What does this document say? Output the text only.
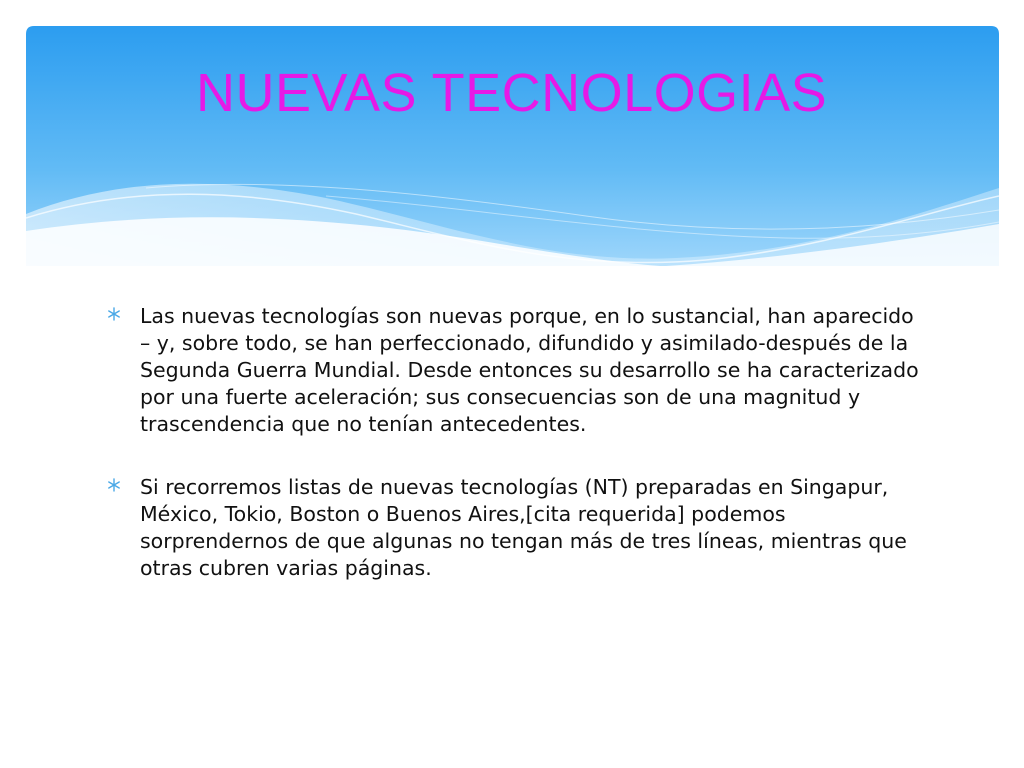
NUEVAS TECNOLOGIAS
Las nuevas tecnologías son nuevas porque, en lo sustancial, han aparecido – y, sobre todo, se han perfeccionado, difundido y asimilado-después de la Segunda Guerra Mundial. Desde entonces su desarrollo se ha caracterizado por una fuerte aceleración; sus consecuencias son de una magnitud y trascendencia que no tenían antecedentes.
Si recorremos listas de nuevas tecnologías (NT) preparadas en Singapur, México, Tokio, Boston o Buenos Aires,[cita requerida] podemos sorprendernos de que algunas no tengan más de tres líneas, mientras que otras cubren varias páginas.
